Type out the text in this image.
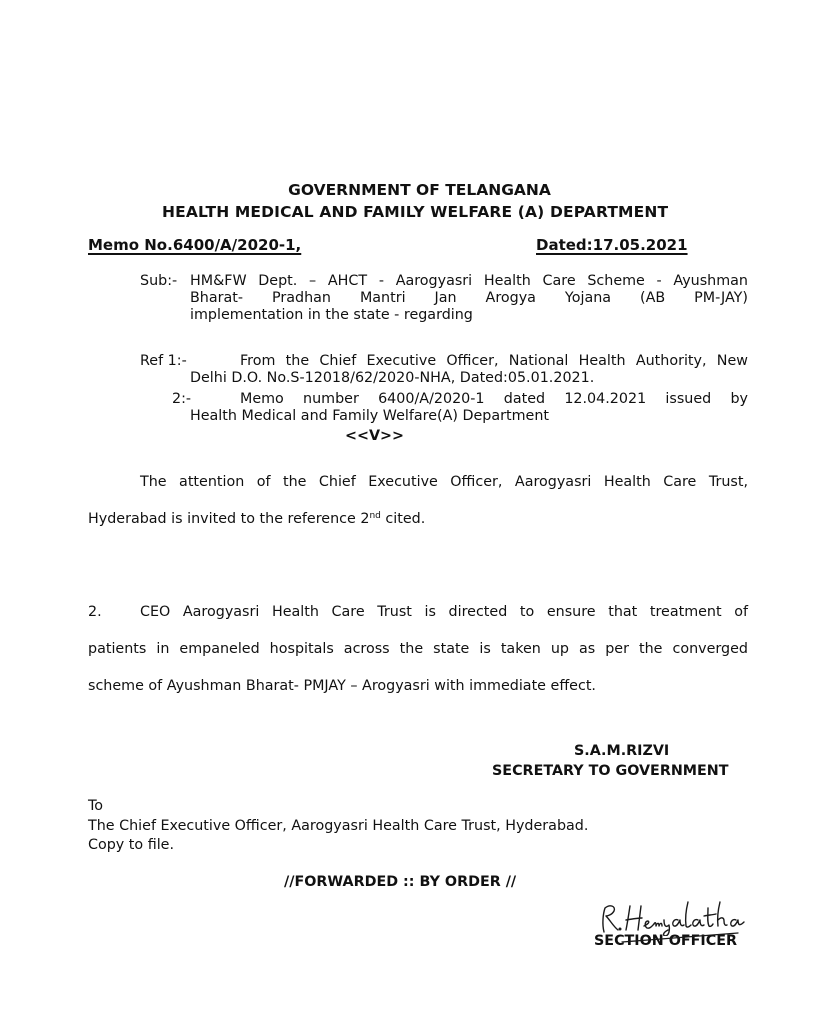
GOVERNMENT OF TELANGANA
HEALTH MEDICAL AND FAMILY WELFARE (A) DEPARTMENT
Memo No.6400/A/2020-1,	Dated:17.05.2021
Sub:- HM&FW Dept. – AHCT - Aarogyasri Health Care Scheme - Ayushman
Bharat- Pradhan Mantri Jan Arogya Yojana (AB PM-JAY)
implementation in the state - regarding
Ref 1:-	From the Chief Executive Officer, National Health Authority, New
Delhi D.O. No.S-12018/62/2020-NHA, Dated:05.01.2021.
2:-	Memo number 6400/A/2020-1 dated 12.04.2021 issued by
Health Medical and Family Welfare(A) Department
<<V>>
The attention of the Chief Executive Officer, Aarogyasri Health Care Trust,
Hyderabad is invited to the reference 2nd cited.
2.	CEO Aarogyasri Health Care Trust is directed to ensure that treatment of
patients in empaneled hospitals across the state is taken up as per the converged
scheme of Ayushman Bharat- PMJAY – Arogyasri with immediate effect.
S.A.M.RIZVI
SECRETARY TO GOVERNMENT
To
The Chief Executive Officer, Aarogyasri Health Care Trust, Hyderabad.
Copy to file.
//FORWARDED :: BY ORDER //
SECTION OFFICER
